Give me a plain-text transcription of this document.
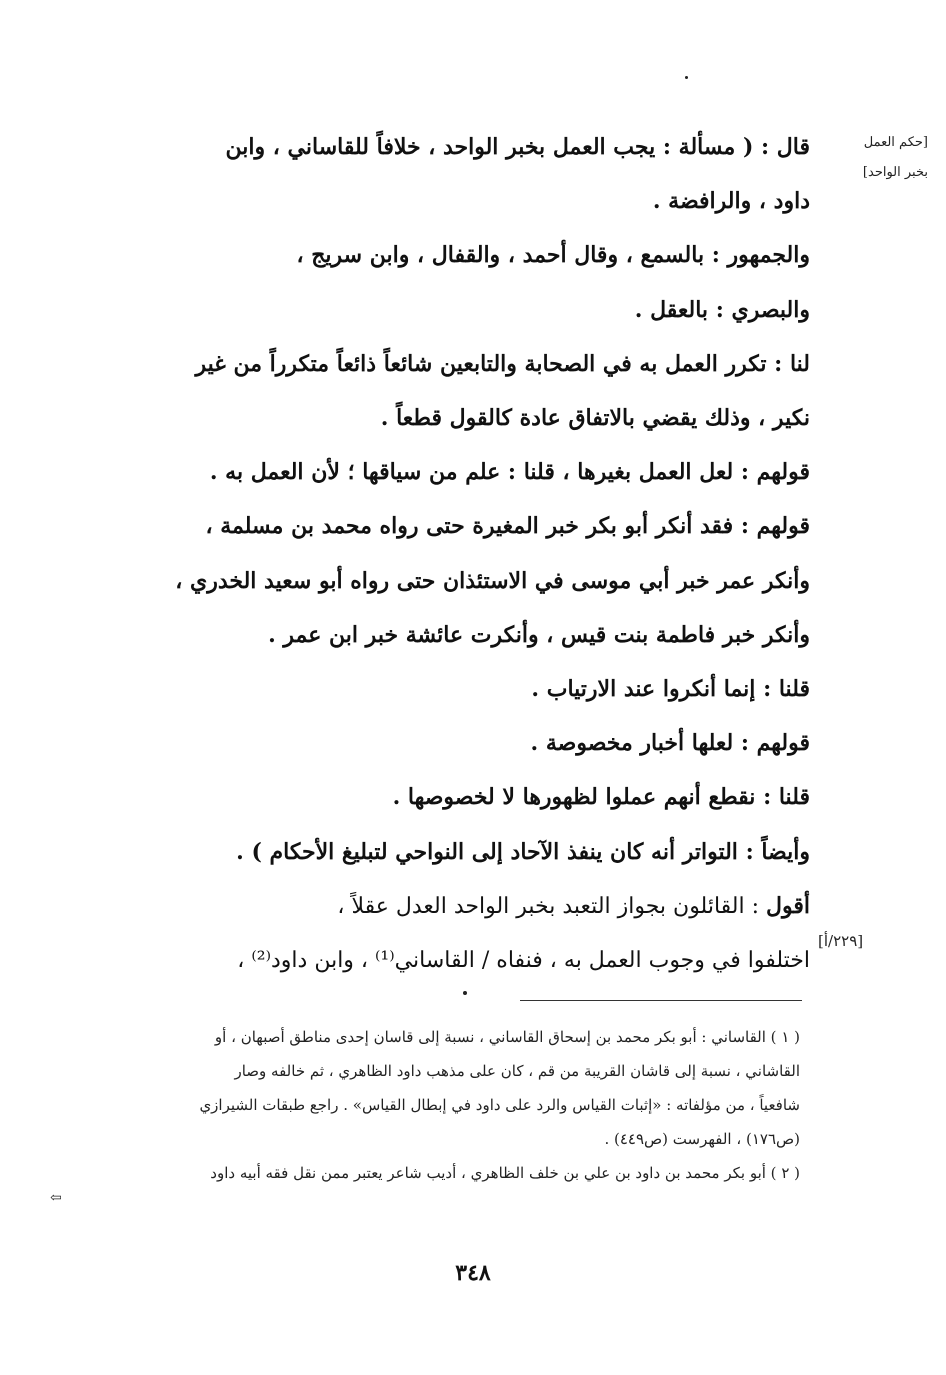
[حكم العمل
بخبر الواحد]
قال : ( مسألة : يجب العمل بخبر الواحد ، خلافاً للقاساني ، وابن
داود ، والرافضة .
والجمهور : بالسمع ، وقال أحمد ، والقفال ، وابن سريج ،
والبصري : بالعقل .
لنا : تكرر العمل به في الصحابة والتابعين شائعاً ذائعاً متكرراً من غير
نكير ، وذلك يقضي بالاتفاق عادة كالقول قطعاً .
قولهم : لعل العمل بغيرها ، قلنا : علم من سياقها ؛ لأن العمل به .
قولهم : فقد أنكر أبو بكر خبر المغيرة حتى رواه محمد بن مسلمة ،
وأنكر عمر خبر أبي موسى في الاستئذان حتى رواه أبو سعيد الخدري ،
وأنكر خبر فاطمة بنت قيس ، وأنكرت عائشة خبر ابن عمر .
قلنا : إنما أنكروا عند الارتياب .
قولهم : لعلها أخبار مخصوصة .
قلنا : نقطع أنهم عملوا لظهورها لا لخصوصها .
وأيضاً : التواتر أنه كان ينفذ الآحاد إلى النواحي لتبليغ الأحكام ) .
أقول : القائلون بجواز التعبد بخبر الواحد العدل عقلاً ،
اختلفوا في وجوب العمل به ، فنفاه / القاساني⁽¹⁾ ، وابن داود⁽²⁾ ،
[٢٢٩/أ]
( ١ ) القاساني : أبو بكر محمد بن إسحاق القاساني ، نسبة إلى قاسان إحدى مناطق أصبهان ، أو
القاشاني ، نسبة إلى قاشان القريبة من قم ، كان على مذهب داود الظاهري ، ثم خالفه وصار
شافعياً ، من مؤلفاته : «إثبات القياس والرد على داود في إبطال القياس» . راجع طبقات الشيرازي
(ص١٧٦) ، الفهرست (ص٤٤٩) .
( ٢ ) أبو بكر محمد بن داود بن علي بن خلف الظاهري ، أديب شاعر يعتبر ممن نقل فقه أبيه داود
⇦
٣٤٨
